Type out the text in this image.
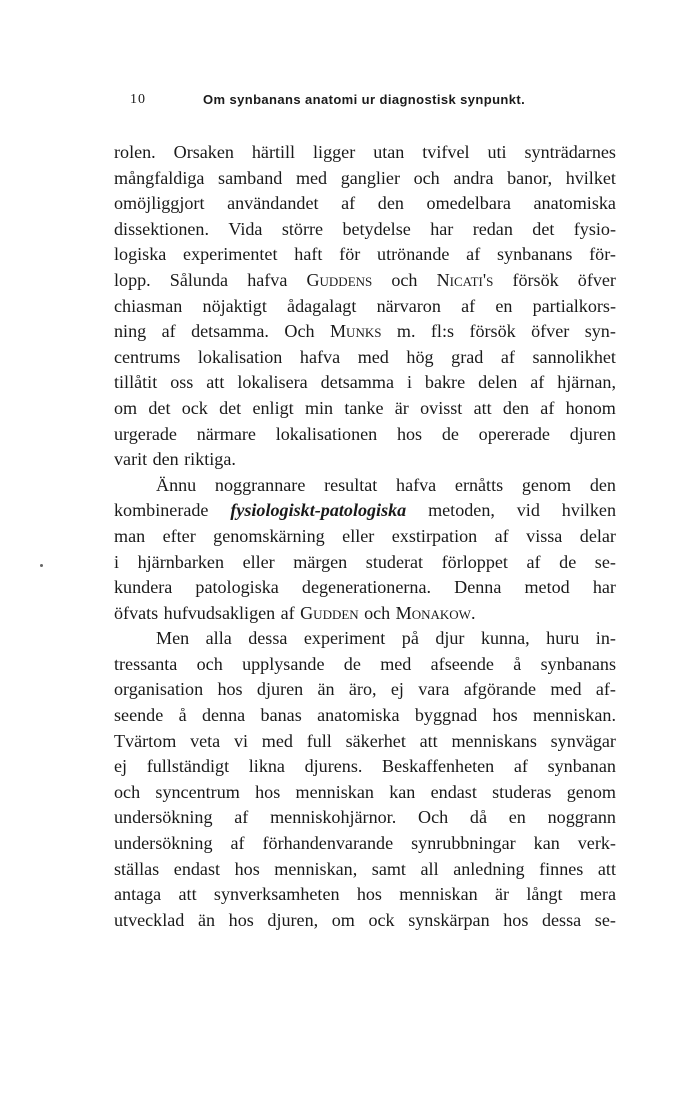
10	Om synbanans anatomi ur diagnostisk synpunkt.
rolen. Orsaken härtill ligger utan tvifvel uti synträdarnes
mångfaldiga samband med ganglier och andra banor, hvilket
omöjliggjort användandet af den omedelbara anatomiska
dissektionen. Vida större betydelse har redan det fysio-
logiska experimentet haft för utrönande af synbanans för-
lopp. Sålunda hafva Guddens och Nicati's försök öfver
chiasman nöjaktigt ådagalagt närvaron af en partialkors-
ning af detsamma. Och Munks m. fl:s försök öfver syn-
centrums lokalisation hafva med hög grad af sannolikhet
tillåtit oss att lokalisera detsamma i bakre delen af hjärnan,
om det ock det enligt min tanke är ovisst att den af honom
urgerade närmare lokalisationen hos de opererade djuren
varit den riktiga.
Ännu noggrannare resultat hafva ernåtts genom den
kombinerade fysiologiskt-patologiska metoden, vid hvilken
man efter genomskärning eller exstirpation af vissa delar
i hjärnbarken eller märgen studerat förloppet af de se-
kundera patologiska degenerationerna. Denna metod har
öfvats hufvudsakligen af Gudden och Monakow.
Men alla dessa experiment på djur kunna, huru in-
tressanta och upplysande de med afseende å synbanans
organisation hos djuren än äro, ej vara afgörande med af-
seende å denna banas anatomiska byggnad hos menniskan.
Tvärtom veta vi med full säkerhet att menniskans synvägar
ej fullständigt likna djurens. Beskaffenheten af synbanan
och syncentrum hos menniskan kan endast studeras genom
undersökning af menniskohjärnor. Och då en noggrann
undersökning af förhandenvarande synrubbningar kan verk-
ställas endast hos menniskan, samt all anledning finnes att
antaga att synverksamheten hos menniskan är långt mera
utvecklad än hos djuren, om ock synskärpan hos dessa se-
